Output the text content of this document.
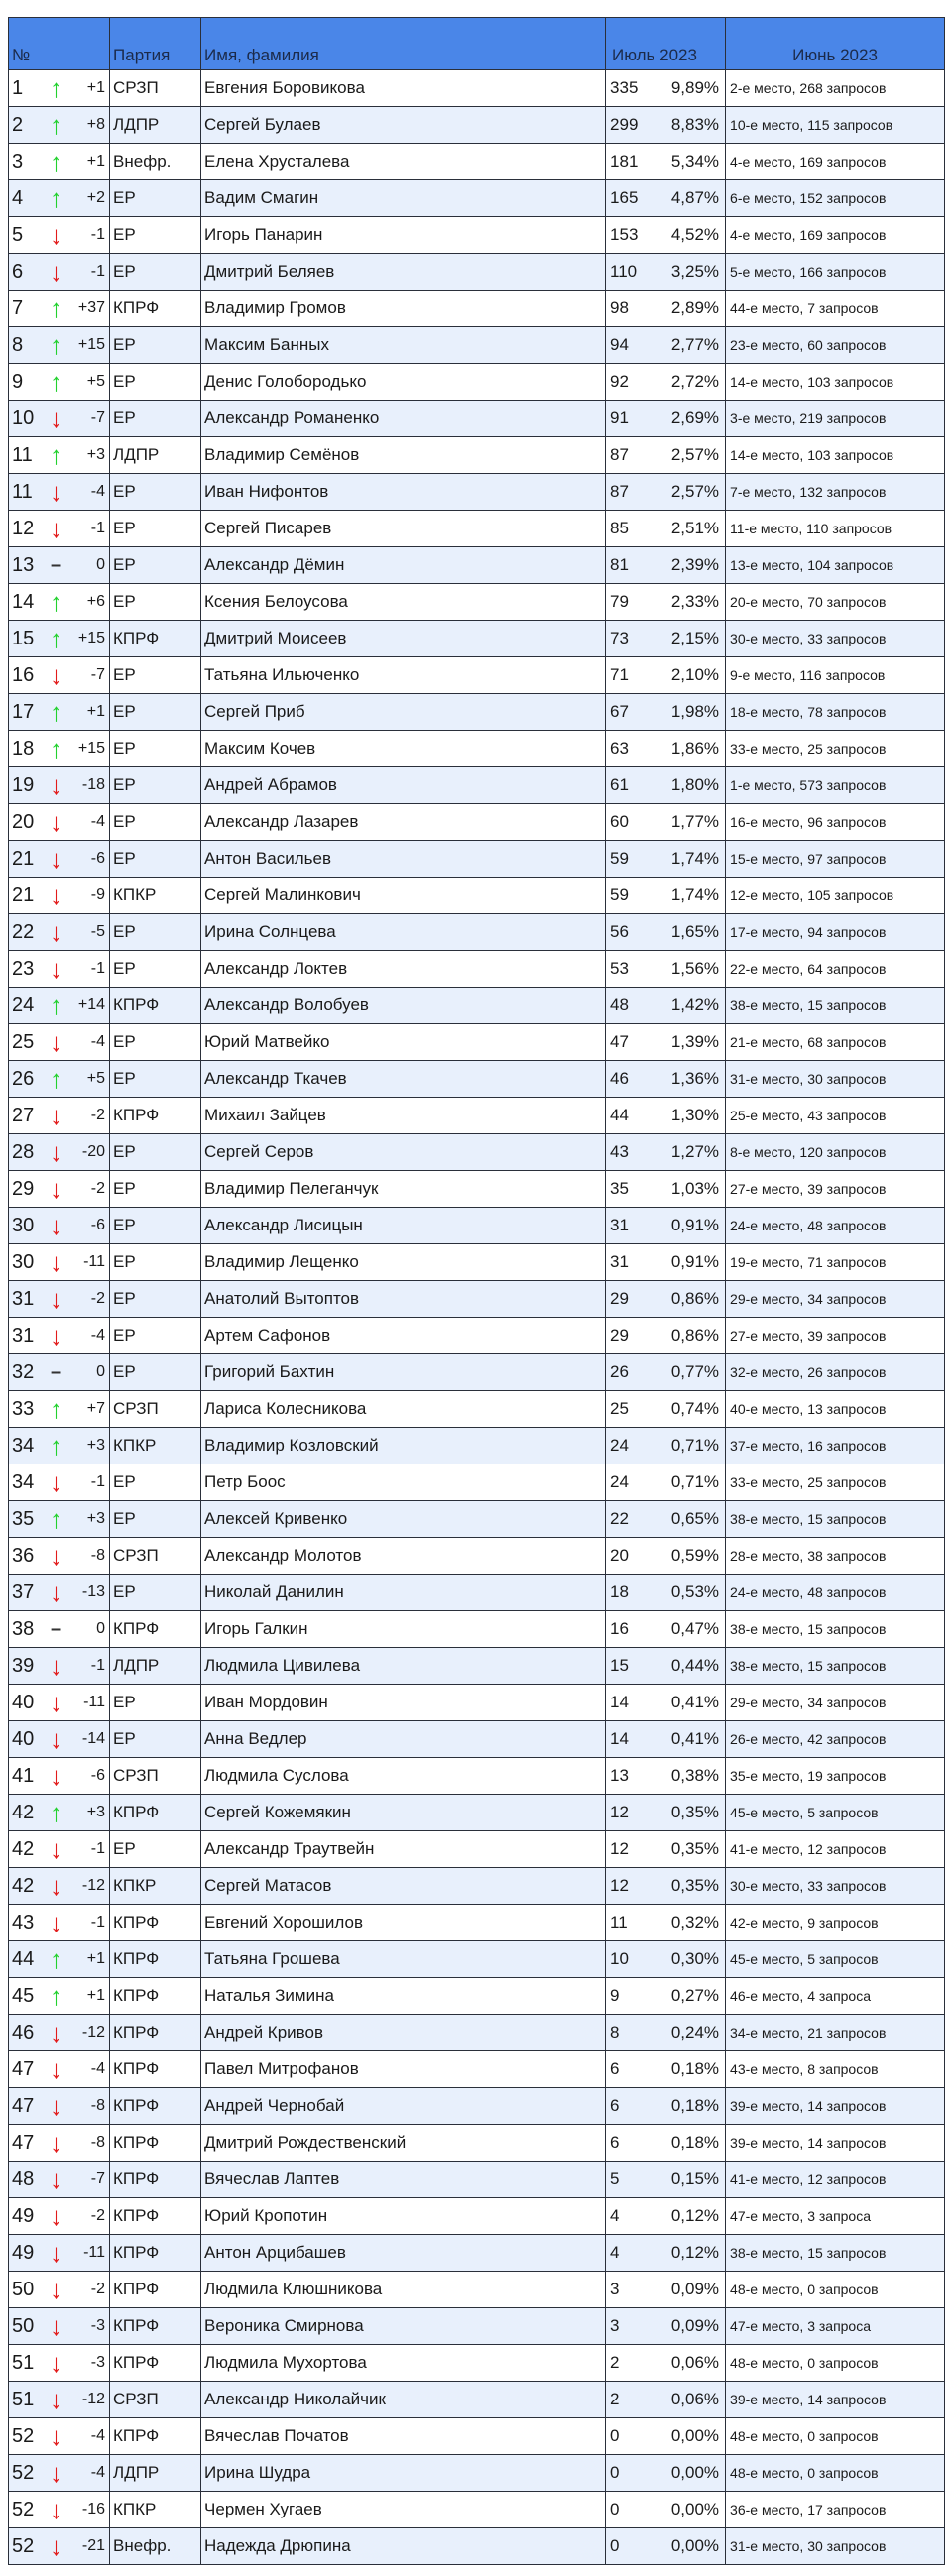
№			Партия	Имя, фамилия	Июль 2023		Июнь 2023
1	↑	+1	СРЗП	Евгения Боровикова	335	9,89%	2-е место, 268 запросов
2	↑	+8	ЛДПР	Сергей Булаев	299	8,83%	10-е место, 115 запросов
3	↑	+1	Внефр.	Елена Хрусталева	181	5,34%	4-е место, 169 запросов
4	↑	+2	ЕР	Вадим Смагин	165	4,87%	6-е место, 152 запросов
5	↓	-1	ЕР	Игорь Панарин	153	4,52%	4-е место, 169 запросов
6	↓	-1	ЕР	Дмитрий Беляев	110	3,25%	5-е место, 166 запросов
7	↑	+37	КПРФ	Владимир Громов	98	2,89%	44-е место, 7 запросов
8	↑	+15	ЕР	Максим Банных	94	2,77%	23-е место, 60 запросов
9	↑	+5	ЕР	Денис Голобородько	92	2,72%	14-е место, 103 запросов
10	↓	-7	ЕР	Александр Романенко	91	2,69%	3-е место, 219 запросов
11	↑	+3	ЛДПР	Владимир Семёнов	87	2,57%	14-е место, 103 запросов
11	↓	-4	ЕР	Иван Нифонтов	87	2,57%	7-е место, 132 запросов
12	↓	-1	ЕР	Сергей Писарев	85	2,51%	11-е место, 110 запросов
13	–	0	ЕР	Александр Дёмин	81	2,39%	13-е место, 104 запросов
14	↑	+6	ЕР	Ксения Белоусова	79	2,33%	20-е место, 70 запросов
15	↑	+15	КПРФ	Дмитрий Моисеев	73	2,15%	30-е место, 33 запросов
16	↓	-7	ЕР	Татьяна Ильюченко	71	2,10%	9-е место, 116 запросов
17	↑	+1	ЕР	Сергей Приб	67	1,98%	18-е место, 78 запросов
18	↑	+15	ЕР	Максим Кочев	63	1,86%	33-е место, 25 запросов
19	↓	-18	ЕР	Андрей Абрамов	61	1,80%	1-е место, 573 запросов
20	↓	-4	ЕР	Александр Лазарев	60	1,77%	16-е место, 96 запросов
21	↓	-6	ЕР	Антон Васильев	59	1,74%	15-е место, 97 запросов
21	↓	-9	КПКР	Сергей Малинкович	59	1,74%	12-е место, 105 запросов
22	↓	-5	ЕР	Ирина Солнцева	56	1,65%	17-е место, 94 запросов
23	↓	-1	ЕР	Александр Локтев	53	1,56%	22-е место, 64 запросов
24	↑	+14	КПРФ	Александр Волобуев	48	1,42%	38-е место, 15 запросов
25	↓	-4	ЕР	Юрий Матвейко	47	1,39%	21-е место, 68 запросов
26	↑	+5	ЕР	Александр Ткачев	46	1,36%	31-е место, 30 запросов
27	↓	-2	КПРФ	Михаил Зайцев	44	1,30%	25-е место, 43 запросов
28	↓	-20	ЕР	Сергей Серов	43	1,27%	8-е место, 120 запросов
29	↓	-2	ЕР	Владимир Пелеганчук	35	1,03%	27-е место, 39 запросов
30	↓	-6	ЕР	Александр Лисицын	31	0,91%	24-е место, 48 запросов
30	↓	-11	ЕР	Владимир Лещенко	31	0,91%	19-е место, 71 запросов
31	↓	-2	ЕР	Анатолий Вытоптов	29	0,86%	29-е место, 34 запросов
31	↓	-4	ЕР	Артем Сафонов	29	0,86%	27-е место, 39 запросов
32	–	0	ЕР	Григорий Бахтин	26	0,77%	32-е место, 26 запросов
33	↑	+7	СРЗП	Лариса Колесникова	25	0,74%	40-е место, 13 запросов
34	↑	+3	КПКР	Владимир Козловский	24	0,71%	37-е место, 16 запросов
34	↓	-1	ЕР	Петр Боос	24	0,71%	33-е место, 25 запросов
35	↑	+3	ЕР	Алексей Кривенко	22	0,65%	38-е место, 15 запросов
36	↓	-8	СРЗП	Александр Молотов	20	0,59%	28-е место, 38 запросов
37	↓	-13	ЕР	Николай Данилин	18	0,53%	24-е место, 48 запросов
38	–	0	КПРФ	Игорь Галкин	16	0,47%	38-е место, 15 запросов
39	↓	-1	ЛДПР	Людмила Цивилева	15	0,44%	38-е место, 15 запросов
40	↓	-11	ЕР	Иван Мордовин	14	0,41%	29-е место, 34 запросов
40	↓	-14	ЕР	Анна Ведлер	14	0,41%	26-е место, 42 запросов
41	↓	-6	СРЗП	Людмила Суслова	13	0,38%	35-е место, 19 запросов
42	↑	+3	КПРФ	Сергей Кожемякин	12	0,35%	45-е место, 5 запросов
42	↓	-1	ЕР	Александр Траутвейн	12	0,35%	41-е место, 12 запросов
42	↓	-12	КПКР	Сергей Матасов	12	0,35%	30-е место, 33 запросов
43	↓	-1	КПРФ	Евгений Хорошилов	11	0,32%	42-е место, 9 запросов
44	↑	+1	КПРФ	Татьяна Грошева	10	0,30%	45-е место, 5 запросов
45	↑	+1	КПРФ	Наталья Зимина	9	0,27%	46-е место, 4 запроса
46	↓	-12	КПРФ	Андрей Кривов	8	0,24%	34-е место, 21 запросов
47	↓	-4	КПРФ	Павел Митрофанов	6	0,18%	43-е место, 8 запросов
47	↓	-8	КПРФ	Андрей Чернобай	6	0,18%	39-е место, 14 запросов
47	↓	-8	КПРФ	Дмитрий Рождественский	6	0,18%	39-е место, 14 запросов
48	↓	-7	КПРФ	Вячеслав Лаптев	5	0,15%	41-е место, 12 запросов
49	↓	-2	КПРФ	Юрий Кропотин	4	0,12%	47-е место, 3 запроса
49	↓	-11	КПРФ	Антон Арцибашев	4	0,12%	38-е место, 15 запросов
50	↓	-2	КПРФ	Людмила Клюшникова	3	0,09%	48-е место, 0 запросов
50	↓	-3	КПРФ	Вероника Смирнова	3	0,09%	47-е место, 3 запроса
51	↓	-3	КПРФ	Людмила Мухортова	2	0,06%	48-е место, 0 запросов
51	↓	-12	СРЗП	Александр Николайчик	2	0,06%	39-е место, 14 запросов
52	↓	-4	КПРФ	Вячеслав Початов	0	0,00%	48-е место, 0 запросов
52	↓	-4	ЛДПР	Ирина Шудра	0	0,00%	48-е место, 0 запросов
52	↓	-16	КПКР	Чермен Хугаев	0	0,00%	36-е место, 17 запросов
52	↓	-21	Внефр.	Надежда Дрюпина	0	0,00%	31-е место, 30 запросов
